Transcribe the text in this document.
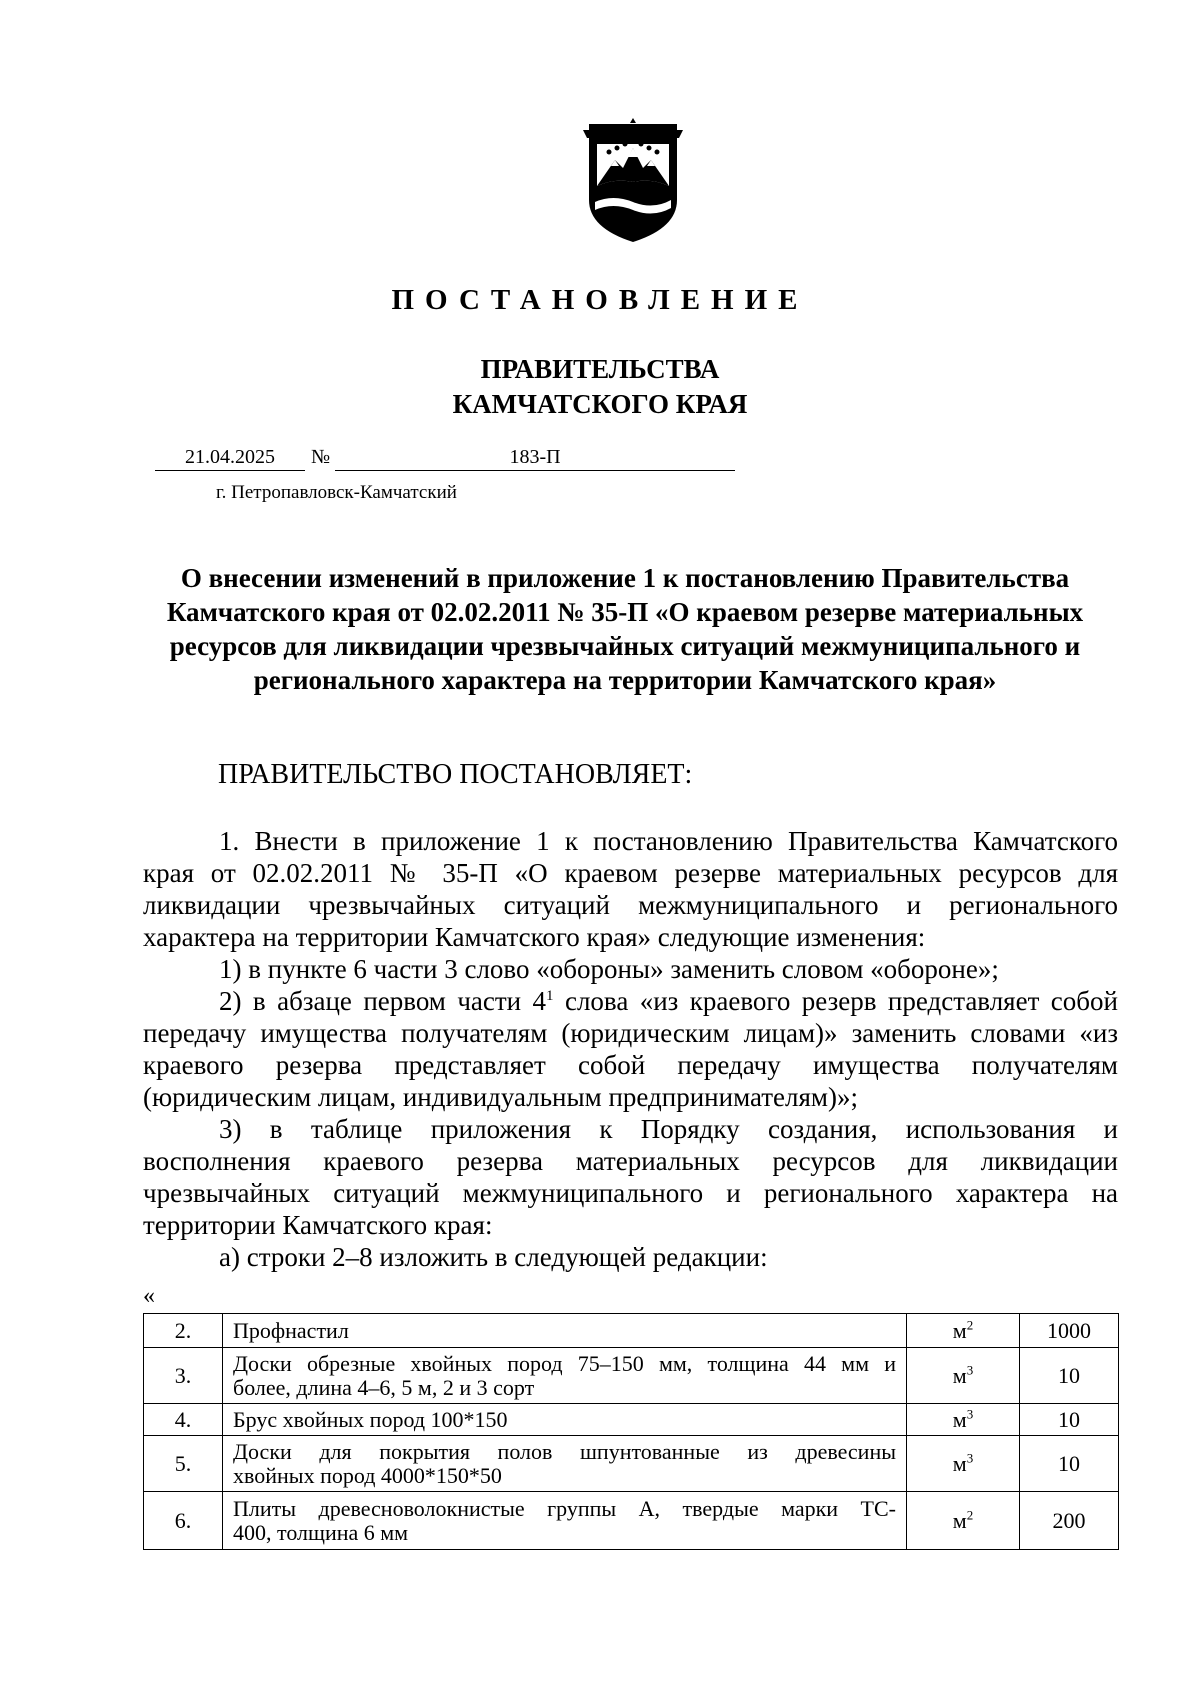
ПОСТАНОВЛЕНИЕ
ПРАВИТЕЛЬСТВА
КАМЧАТСКОГО КРАЯ
21.04.2025	№	183-П
г. Петропавловск-Камчатский
О внесении изменений в приложение 1 к постановлению Правительства
Камчатского края от 02.02.2011 № 35-П «О краевом резерве материальных
ресурсов для ликвидации чрезвычайных ситуаций межмуниципального и
регионального характера на территории Камчатского края»
ПРАВИТЕЛЬСТВО ПОСТАНОВЛЯЕТ:

1. Внести в приложение 1 к постановлению Правительства Камчатского

края от 02.02.2011 № 35-П «О краевом резерве материальных ресурсов для

ликвидации чрезвычайных ситуаций межмуниципального и регионального

характера на территории Камчатского края» следующие изменения:

1) в пункте 6 части 3 слово «обороны» заменить словом «обороне»;

2) в абзаце первом части $4^1$ слова «из краевого резерв представляет собой

передачу имущества получателям (юридическим лицам)» заменить словами «из

краевого резерва представляет собой передачу имущества получателям

(юридическим лицам, индивидуальным предпринимателям)»;

3) в таблице приложения к Порядку создания, использования и

восполнения краевого резерва материальных ресурсов для ликвидации

чрезвычайных ситуаций межмуниципального и регионального характера на

территории Камчатского края:

а) строки 2–8 изложить в следующей редакции:

«
2.	Профнастил	$м^2$	1000
3.	Доски обрезные хвойных пород 75–150 мм, толщина 44 мм и
более, длина 4–6, 5 м, 2 и 3 сорт	$м^3$	10
4.	Брус хвойных пород 100*150	$м^3$	10
5.	Доски для покрытия полов шпунтованные из древесины
хвойных пород 4000*150*50	$м^3$	10
6.	Плиты древесноволокнистые группы А, твердые марки ТС-
400, толщина 6 мм	$м^2$	200
